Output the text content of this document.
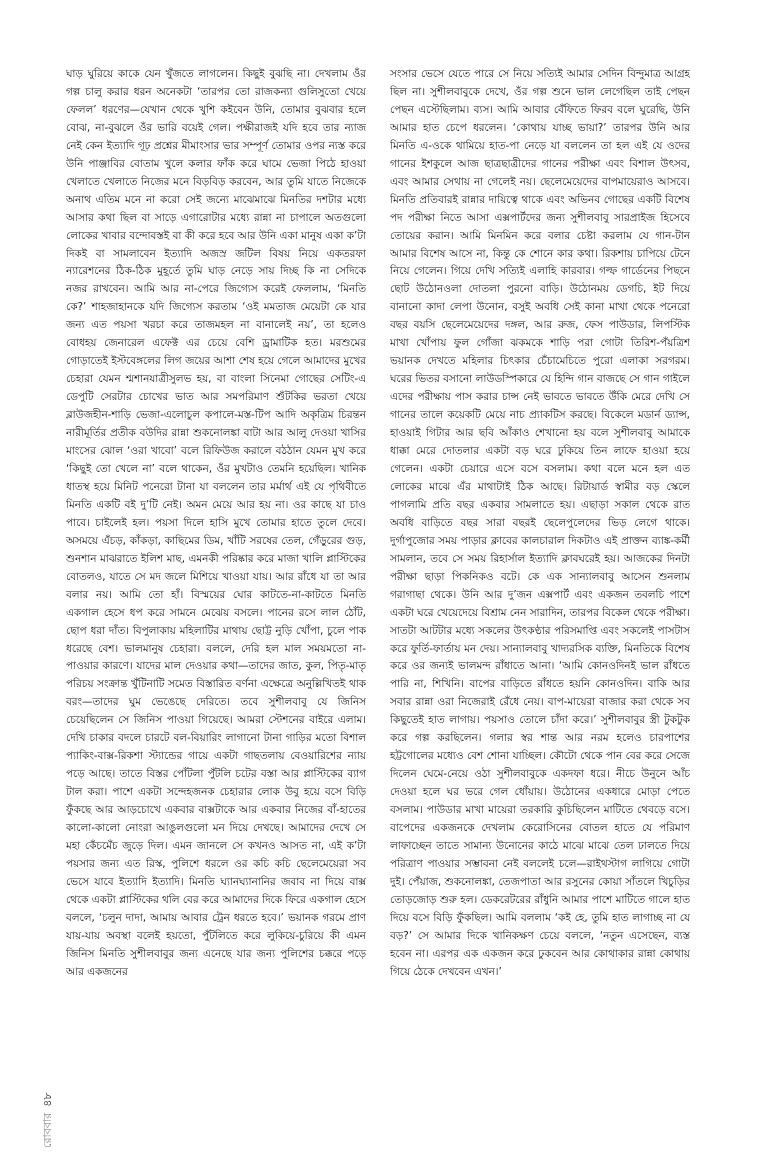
ঘাড় ঘুরিয়ে কাকে যেন খুঁজতে লাগলেন। কিছুই বুঝছি না। দেখলাম ওঁর গল্প চালু করার ধরন অনেকটা ‘তারপর তো রাজকন্যা গুলিসুতো খেয়ে ফেলল’ ধরণের—যেখান থেকে খুশি কইবেন উনি, তোমার বুঝবার হলে বোঝ, না-বুঝলে ওঁর ভারি বয়েই গেল। পক্ষীরাজই যদি হবে তার ন্যাজ নেই কেন ইত্যাদি গূঢ় প্রশ্নের মীমাংসার ভার সম্পূর্ণ তোমার ওপর ন্যস্ত করে উনি পাঞ্জাবির বোতাম খুলে কলার ফাঁক করে ঘামে ভেজা পিঠে হাওয়া খেলাতে খেলাতে নিজের মনে বিড়বিড় করবেন, আর তুমি যাতে নিজেকে অনাথ এতিম মনে না করো সেই জন্যে মাঝেমাঝে মিনতির দশটার মধ্যে আসার কথা ছিল বা সাড়ে এগারোটার মধ্যে রান্না না চাপালে অতগুলো লোকের খাবার বন্দোবস্তই বা কী করে হবে আর উনি একা মানুষ একা ক’টা দিকই বা সামলাবেন ইত্যাদি অজস্র জটিল বিষয় নিয়ে একতরফা ন্যারেশনের ঠিক-ঠিক মুহূর্তে তুমি ঘাড় নেড়ে সায় দিচ্ছ কি না সেদিকে নজর রাখবেন। আমি আর না-পেরে জিগ্যেস করেই ফেললাম, ‘মিনতি কে?’ শাহজাহানকে যদি জিগ্যেস করতাম ‘ওই মমতাজ মেয়েটা কে যার জন্য এত পয়সা খরচা করে তাজমহল না বানালেই নয়’, তা হলেও বোধহয় জেনারেল এফেক্ট এর চেয়ে বেশি ড্রামাটিক হত। মরশুমের গোড়াতেই ইস্টবেঙ্গলের লিগ জয়ের আশা শেষ হয়ে গেলে আমাদের মুখের চেহারা যেমন শ্মশানযাত্রীসুলভ হয়, বা বাংলা সিনেমা গোছের সেটিং-এ ডেপুটি সেরটার চোখের ভাত আর সমপরিমাণ শুঁটকির ভরতা খেয়ে ব্লাউজহীন-শাড়ি ভেজা-এলোচুল কপালে-মস্ত-টিপ আদি অকৃত্রিম চিরন্তন নারীমূর্তির প্রতীক বউদির রান্না শুকনোলঙ্কা বাটা আর আলু দেওয়া খাসির মাংসের ঝোল ‘ওরা খাবো’ বলে রিফিউজ করালে বঠঠান যেমন মুখ করে ‘কিছুই তো খেলে না’ বলে থাকেন, ওঁর মুখটাও তেমনি হয়েছিল। খানিক ধাতস্থ হয়ে মিনিট পনেরো টানা যা বললেন তার মর্মার্থ এই যে পৃথিবীতে মিনতি একটি বই দু’টি নেই। অমন মেয়ে আর হয় না। ওর কাছে যা চাও পাবে। চাইলেই হল। পয়সা দিলে হাসি মুখে তোমার হাতে তুলে দেবে। অসময়ে এঁচড়, কাঁকড়া, কাছিমের ডিম, খাঁটি সরষের তেল, গেঁড়ুরের গুড়, শুনশান মাঝরাতে ইলিশ মাছ, এমনকী পরিষ্কার করে মাজা খালি প্লাস্টিকের বোতলও, যাতে সে মদ জলে মিশিয়ে খাওয়া যায়। আর রাঁধে যা তা আর বলার নয়। আমি তো হাঁ। বিস্ময়ের ঘোর কাটতে-না-কাটতে মিনতি একগাল হেসে ধপ করে সামনে মেঝেয় বসলে। পানের রসে লাল ঠোঁট, ছোপ ধরা দাঁত। বিপুলাকায় মহিলাটির মাথায় ছোট্ট নুড়ি খোঁপা, চুলে পাক ধরেছে বেশ। ভালমানুষ চেহারা। বললে, দেরি হল মাল সময়মতো না-পাওয়ার কারণে। যাদের মাল দেওয়ার কথা—তাদের জাত, কুল, পিতৃ-মাতৃ পরিচয় সংক্রান্ত খুঁটিনাটি সমেত বিস্তারিত বর্ণনা এক্ষেত্রে অনুল্লিখিতই থাক বরং—তাদের ঘুম ভেঙেছে দেরিতে। তবে সুশীলবাবু যে জিনিস চেয়েছিলেন সে জিনিস পাওয়া গিয়েছে। আমরা স্টেশনের বাইরে এলাম। দেখি চাকার বদলে চারটে বল-বিয়ারিং লাগানো টানা গাড়ির মতো বিশাল প্যাকিং-বাক্স-রিকশা স্ট্যান্ডের গায়ে একটা গাছতলায় বেওয়ারিশের ন্যায় পড়ে আছে। তাতে বিস্তর পোঁটলা পুঁটলি চটের বস্তা আর প্লাস্টিকের ব্যাগ টাল করা। পাশে একটা সন্দেহজনক চেহারার লোক উবু হয়ে বসে বিড়ি ফুঁকছে আর আড়চোখে একবার বাক্সটাকে আর একবার নিজের বাঁ-হাতের কালো-কালো নোংরা আঙুলগুলো মন দিয়ে দেখছে। আমাদের দেখে সে মহা কেঁচমেঁচ জুড়ে দিল। এমন জানলে সে কখনও আসত না, এই ক’টা পয়সার জন্য এত রিস্ক, পুলিশে ধরলে ওর কচি কচি ছেলেমেয়েরা সব ভেসে যাবে ইত্যাদি ইত্যাদি। মিনতি ঘ্যানঘ্যানানির জবাব না দিয়ে বাক্স থেকে একটা প্লাস্টিকের থলি বের করে আমাদের দিকে ফিরে একগাল হেসে বললে, ‘চলুন দাদা, আমায় আবার ট্রেন ধরতে হবে।’ ভয়ানক গরমে প্রাণ যায়-যায় অবস্থা বলেই হয়তো, পুঁটলিতে করে লুকিয়ে-চুরিয়ে কী এমন জিনিস মিনতি সুশীলবাবুর জন্য এনেছে যার জন্য পুলিশের চক্করে পড়ে আর একজনের

সংসার ভেসে যেতে পারে সে নিয়ে সত্যিই আমার সেদিন বিন্দুমাত্র আগ্রহ ছিল না। সুশীলবাবুকে দেখে, ওঁর গল্প শুনে ভাল লেগেছিল তাই পেছন পেছন এস্টেছিলাম। ব্যস। আমি আবার বেঁফিতে ফিরব বলে ঘুরেছি, উনি আমার হাত চেপে ধরলেন। ‘কোথায় যাচ্ছ ভায়া?’ তারপর উনি আর মিনতি এ-ওকে থামিয়ে হাত-পা নেড়ে যা বললেন তা হল এই যে ওদের গানের ইশকুলে আজ ছাত্রছাত্রীদের গানের পরীক্ষা এবং বিশাল উৎসব, এবং আমার সেথায় না গেলেই নয়। ছেলেমেয়েদের বাপমায়েরাও আসবে। মিনতি প্রতিবারই রান্নার দায়িত্বে থাকে এবং অভিনব গোছের একটি বিশেষ পদ পরীক্ষা নিতে আসা এক্সপার্টদের জন্য সুশীলবাবু সারপ্রাইজ হিসেবে তোয়ের করান। আমি মিনমিন করে বলার চেষ্টা করলাম যে গান-টান আমার বিশেষ আসে না, কিন্তু কে শোনে কার কথা। রিকশায় চাপিয়ে টেনে নিয়ে গেলেন। গিয়ে দেখি সত্যিই এলাহি কারবার। গল্ফ গার্ডেনের পিছনে ছোট উঠোনওলা দোতলা পুরনো বাড়ি। উঠোনময় ডেগচি, ইট দিয়ে বানানো কাদা লেপা উনোন, বসুই অবধি সেই কানা মাখা থেকে পনেরো বছর বয়সি ছেলেমেয়েদের দঙ্গল, আর রুজ, ফেস পাউডার, লিপস্টিক মাখা খোঁপায় ফুল গোঁজা ঝকমকে শাড়ি পরা গোটা তিরিশ-পঁয়ত্রিশ ভয়ানক দেখতে মহিলার চিৎকার চেঁচামেচিতে পুরো এলাকা সরগরম। ঘরের ভিতর বসানো লাউডস্পিকারে যে হিন্দি গান বাজছে সে গান গাইলে এদের পরীক্ষায় পাস করার চান্স নেই ভাবতে ভাবতে উঁকি মেরে দেখি সে গানের তালে কয়েকটি মেয়ে নাচ প্র্যাকটিস করছে। বিকেলে মডার্ন ড্যান্স, হাওয়াই গিটার আর ছবি আঁকাও শেখানো হয় বলে সুশীলবাবু আমাকে ধাক্কা মেরে দোতলার একটা বড় ঘরে ঢুকিয়ে তিন লাফে হাওয়া হয়ে গেলেন। একটা চেয়ারে এসে বসে বসলাম। কথা বলে মনে হল এত লোকের মাঝে এঁর মাথাটাই ঠিক আছে। রিটায়ার্ড স্বামীর বড় স্কেলে পাগলামি প্রতি বছর একবার সামলাতে হয়। এছাড়া সকাল থেকে রাত অবধি বাড়িতে বছর সারা বছরই ছেলেপুলেদের ভিড় লেগে থাকে। দুর্গাপুজোর সময় পাড়ার ক্লাবের কালচারাল দিকটাও এই প্রাক্তন ব্যাঙ্ক-কর্মী সামলান, তবে সে সময় রিহার্সাল ইত্যাদি ক্লাবঘরেই হয়। আজকের দিনটা পরীক্ষা ছাড়া পিকনিকও বটে। কে এক সান্যালবাবু আসেন শুনলাম গরাগাছা থেকে। উনি আর দু’জন এক্সপার্ট এবং একজন তবলচি পাশে একটা ঘরে খেয়েদেয়ে বিশ্রাম নেন সারাদিন, তারপর বিকেল থেকে পরীক্ষা। সাতটা আটটার মধ্যে সকলের উৎকণ্ঠার পরিসমাপ্তি এবং সকলেই পাসটাস করে ফুর্তি-ফার্তায় মন দেয়। সান্যালবাবু খাদ্যরসিক ব্যক্তি, মিনতিকে বিশেষ করে ওর জন্যই ভালমন্দ রাঁধাতে আনা। ‘আমি কোনওদিনই ভাল রাঁধতে পারি না, শিখিনি। বাপের বাড়িতে রাঁধতে হয়নি কোনওদিন। বাকি আর সবার রান্না ওরা নিজেরাই রেঁধে নেয়। বাপ-মায়েরা বাজার করা থেকে সব কিছুতেই হাত লাগায়। পয়সাও তোলে চাঁদা করে।’ সুশীলবাবুর স্ত্রী টুকটুক করে গল্প করছিলেন। গলার স্বর শান্ত আর নরম হলেও চারপাশের হট্টগোলের মধ্যেও বেশ শোনা যাচ্ছিল। কৌটো থেকে পান বের করে সেজে দিলেন ঘেমে-নেয়ে ওঠা সুশীলবাবুকে একদফা ধরে। নীচে উনুনে আঁচ দেওয়া হলে ঘর ভরে গেল ধোঁয়ায়। উঠোনের একধারে মোড়া পেতে বসলাম। পাউডার মাখা মায়েরা তরকারি কুচিছিলেন মাটিতে থেবড়ে বসে। বাপেদের একজনকে দেখলাম কেরোসিনের বোতল হাতে যে পরিমাণ লাফাচ্ছেন তাতে সামান্য উনোনের কাঠে মাঝে মাঝে তেল ঢালতে দিয়ে পরিত্রাণ পাওয়ার সম্ভাবনা নেই বললেই চলে—রাইথস্টাগ লাগিয়ে গোটা দুই। পেঁয়াজ, শুকনোলঙ্কা, তেজপাতা আর রসুনের কোয়া সাঁতলে খিচুড়ির তোড়জোড় শুরু হল। ডেকরেটরের রাঁধুনি আমার পাশে মাটিতে গালে হাত দিয়ে বসে বিড়ি ফুঁকছিল। আমি বললাম ‘কই হে, তুমি হাত লাগাচ্ছ না যে বড়?’ সে আমার দিকে খানিকক্ষণ চেয়ে বললে, ‘নতুন এসেছেন, ব্যস্ত হবেন না। এরপর এক একজন করে ঢুকবেন আর কোথাকার রান্না কোথায় গিয়ে ঠেকে দেখবেন এখন।’

রোববার
৪৮
